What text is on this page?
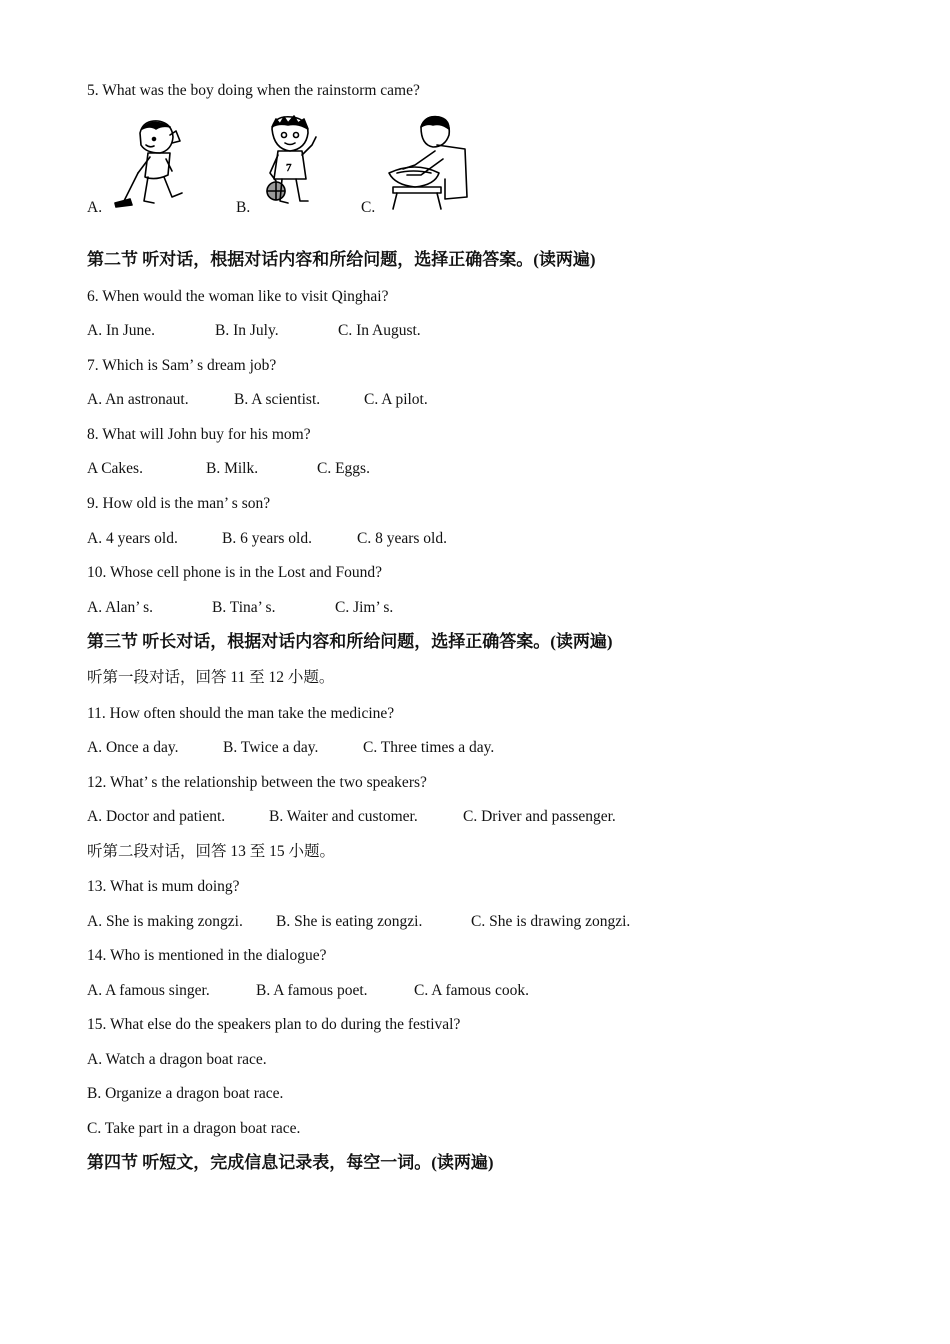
5. What was the boy doing when the rainstorm came?
A.	B.	C.
7
第二节 听对话，根据对话内容和所给问题，选择正确答案。(读两遍)
6. When would the woman like to visit Qinghai?
A. In June.	B. In July.	C. In August.
7. Which is Sam’ s dream job?
A. An astronaut.	B. A scientist.	C. A pilot.
8. What will John buy for his mom?
A Cakes.	B. Milk.	C. Eggs.
9. How old is the man’ s son?
A. 4 years old.	B. 6 years old.	C. 8 years old.
10. Whose cell phone is in the Lost and Found?
A. Alan’ s.	B. Tina’ s.	C. Jim’ s.
第三节 听长对话，根据对话内容和所给问题，选择正确答案。(读两遍)
听第一段对话，回答 11 至 12 小题。
11. How often should the man take the medicine?
A. Once a day.	B. Twice a day.	C. Three times a day.
12. What’ s the relationship between the two speakers?
A. Doctor and patient.	B. Waiter and customer.	C. Driver and passenger.
听第二段对话，回答 13 至 15 小题。
13. What is mum doing?
A. She is making zongzi. B. She is eating zongzi.	C. She is drawing zongzi.
14. Who is mentioned in the dialogue?
A. A famous singer.	B. A famous poet.	C. A famous cook.
15. What else do the speakers plan to do during the festival?
A. Watch a dragon boat race.
B. Organize a dragon boat race.
C. Take part in a dragon boat race.
第四节 听短文，完成信息记录表，每空一词。(读两遍)
